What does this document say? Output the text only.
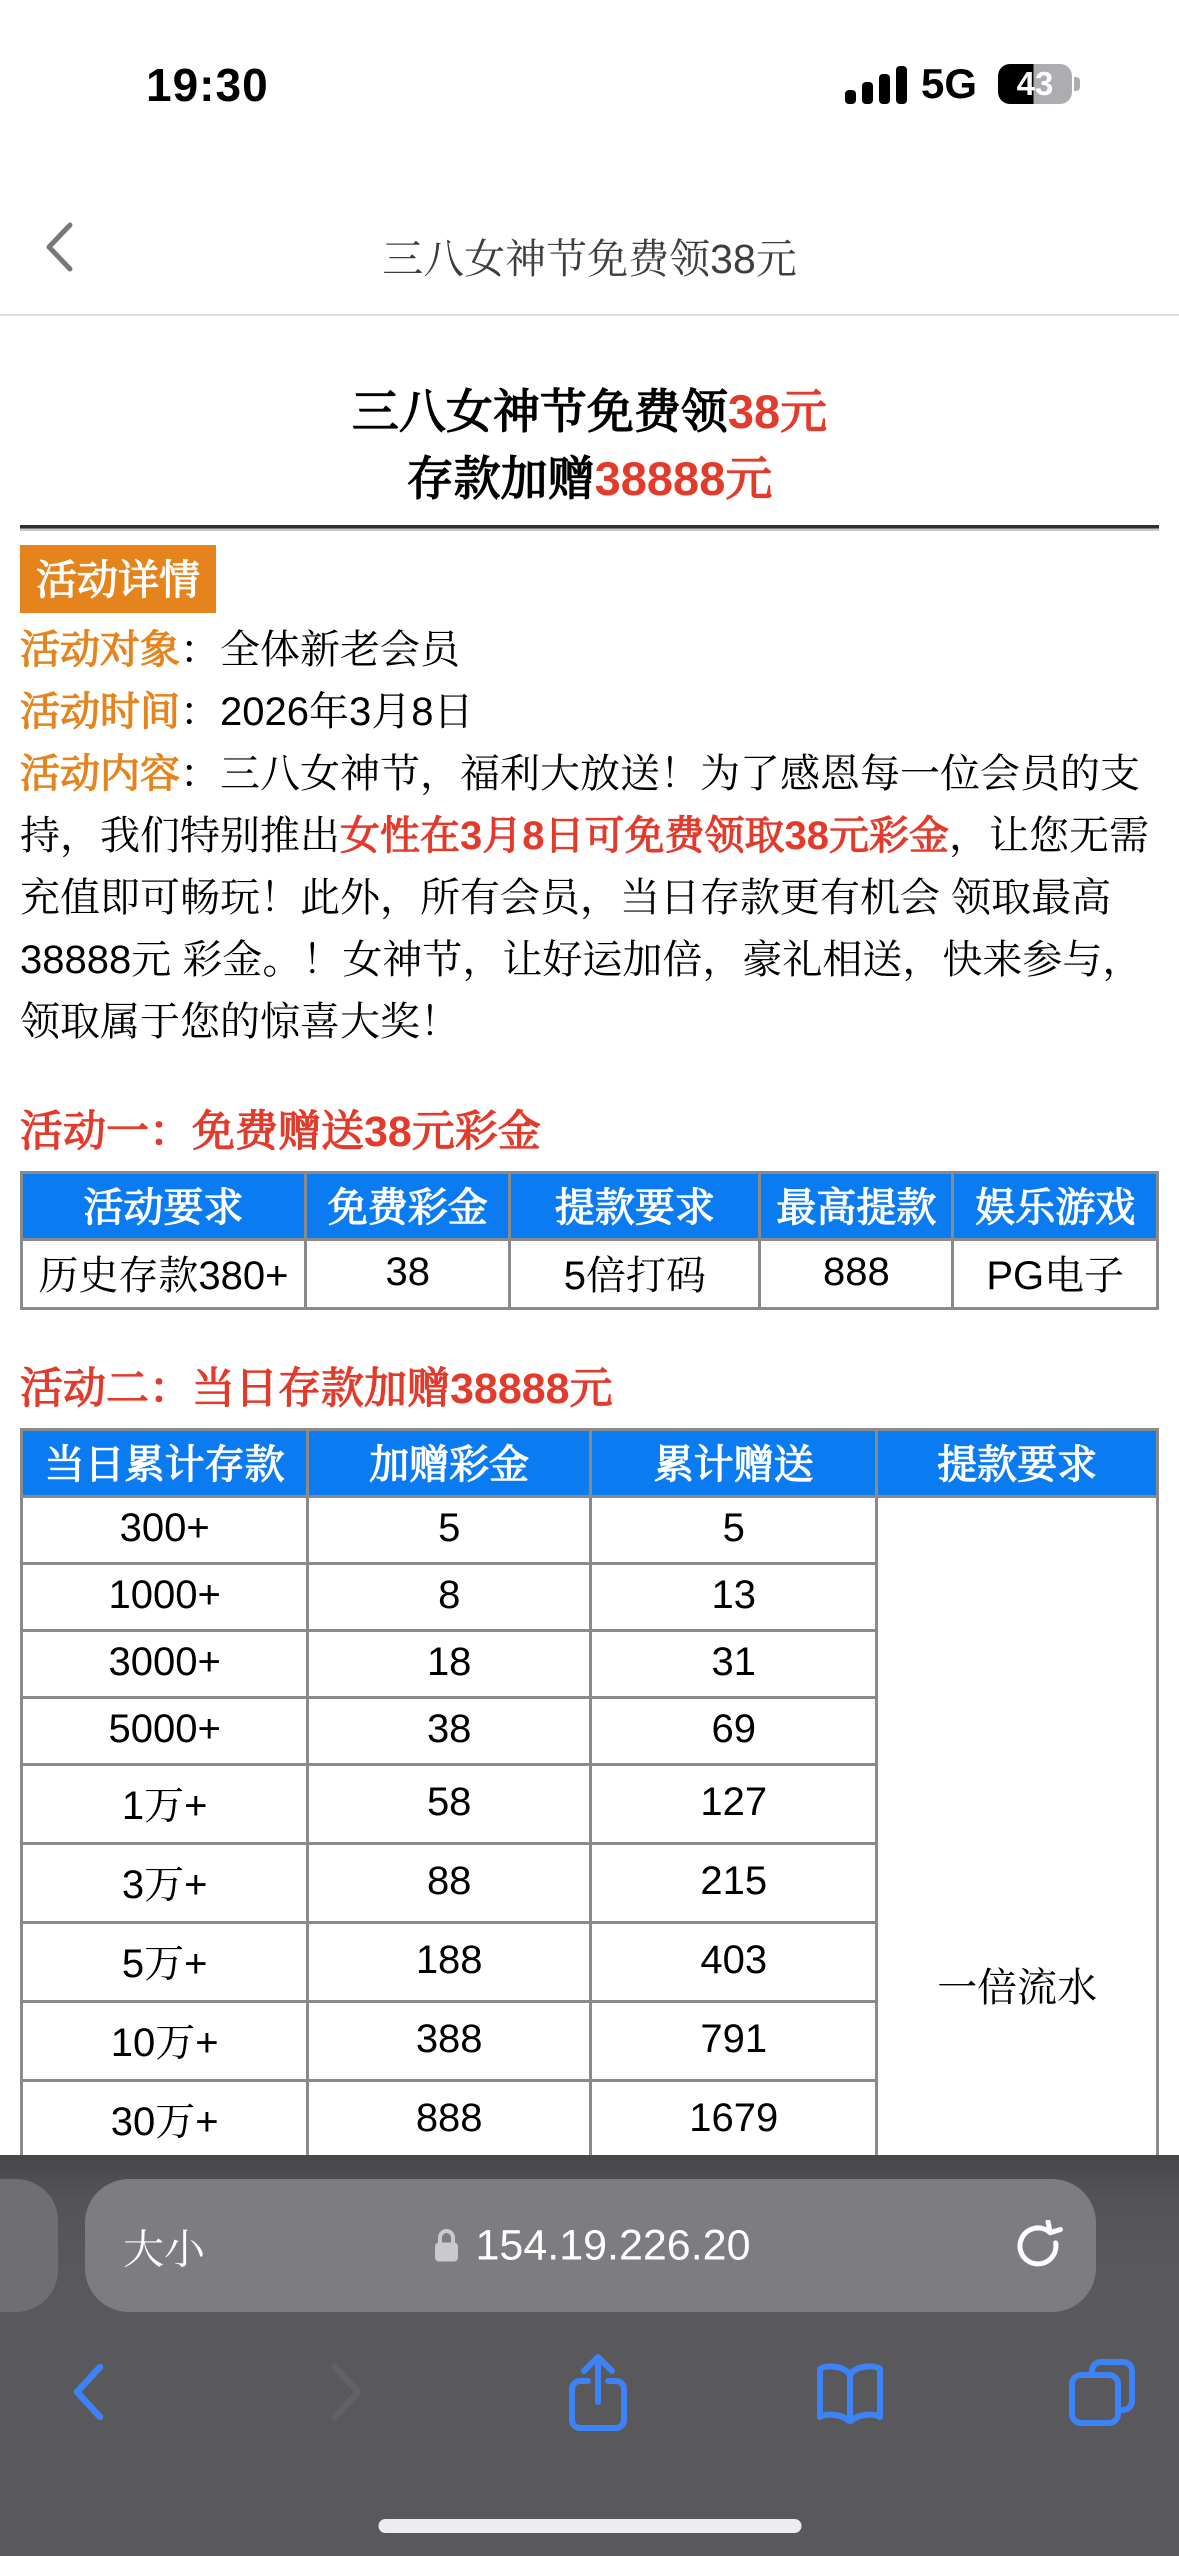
19:30	5G	43
三八女神节免费领38元
三八女神节免费领38元
存款加赠38888元
活动详情
活动对象：全体新老会员
活动时间：2026年3月8日
活动内容：三八女神节，福利大放送！为了感恩每一位会员的支持，我们特别推出女性在3月8日可免费领取38元彩金，让您无需充值即可畅玩！此外，所有会员，当日存款更有机会 领取最高 38888元 彩金。！女神节，让好运加倍，豪礼相送，快来参与，领取属于您的惊喜大奖！
活动一：免费赠送38元彩金
活动要求	免费彩金	提款要求	最高提款	娱乐游戏
历史存款380+	38	5倍打码	888	PG电子
活动二：当日存款加赠38888元
当日累计存款	加赠彩金	累计赠送	提款要求
300+	5	5	一倍流水
1000+	8	13	
3000+	18	31	
5000+	38	69	
1万+	58	127	
3万+	88	215	
5万+	188	403	
10万+	388	791	
30万+	888	1679	

大小	154.19.226.20
